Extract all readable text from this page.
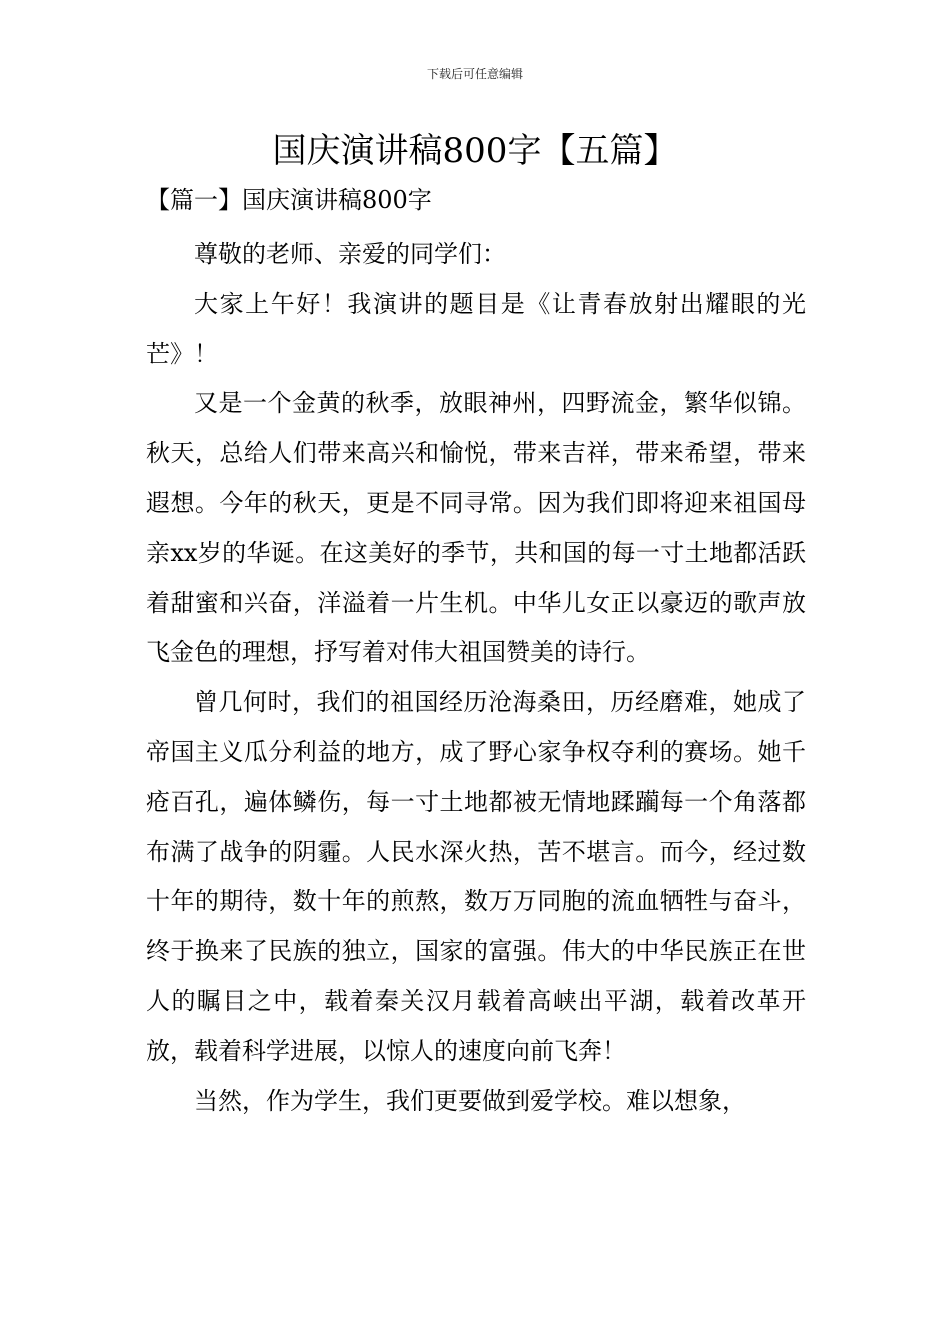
下载后可任意编辑
国庆演讲稿800字【五篇】
【篇一】国庆演讲稿800字

尊敬的老师、亲爱的同学们：

大家上午好！我演讲的题目是《让青春放射出耀眼的光芒》！

又是一个金黄的秋季，放眼神州，四野流金，繁华似锦。秋天，总给人们带来高兴和愉悦，带来吉祥，带来希望，带来遐想。今年的秋天，更是不同寻常。因为我们即将迎来祖国母亲xx岁的华诞。在这美好的季节，共和国的每一寸土地都活跃着甜蜜和兴奋，洋溢着一片生机。中华儿女正以豪迈的歌声放飞金色的理想，抒写着对伟大祖国赞美的诗行。

曾几何时，我们的祖国经历沧海桑田，历经磨难，她成了帝国主义瓜分利益的地方，成了野心家争权夺利的赛场。她千疮百孔，遍体鳞伤，每一寸土地都被无情地蹂躏每一个角落都布满了战争的阴霾。人民水深火热，苦不堪言。而今，经过数十年的期待，数十年的煎熬，数万万同胞的流血牺牲与奋斗，终于换来了民族的独立，国家的富强。伟大的中华民族正在世人的瞩目之中，载着秦关汉月载着高峡出平湖，载着改革开放，载着科学进展，以惊人的速度向前飞奔！

当然，作为学生，我们更要做到爱学校。难以想象，
